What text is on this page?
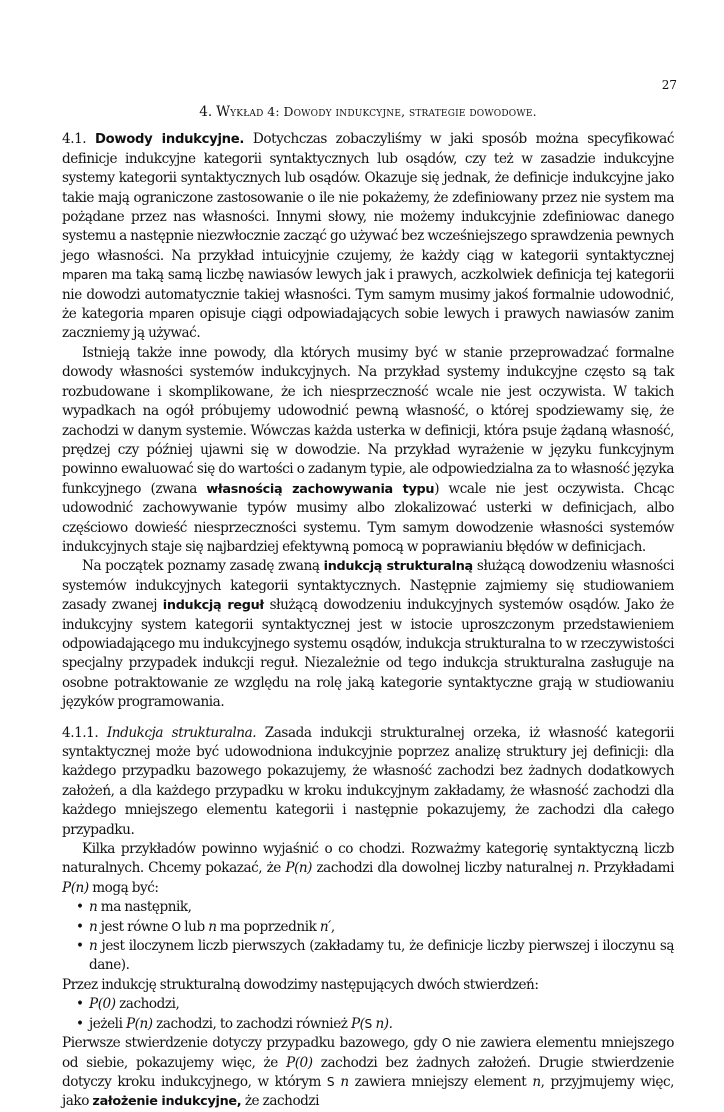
27
4. Wykład 4: Dowody indukcyjne, strategie dowodowe.

4.1. Dowody indukcyjne. Dotychczas zobaczyliśmy w jaki sposób można specyfikować definicje indukcyjne kategorii syntaktycznych lub osądów, czy też w zasadzie indukcyjne systemy kategorii syntaktycznych lub osądów. Okazuje się jednak, że definicje indukcyjne jako takie mają ograniczone zastosowanie o ile nie pokażemy, że zdefiniowany przez nie system ma pożądane przez nas własności. Innymi słowy, nie możemy indukcyjnie zdefiniowac danego systemu a następnie niezwłocznie zacząć go używać bez wcześniejszego sprawdzenia pewnych jego własności. Na przykład intuicyjnie czujemy, że każdy ciąg w kategorii syntaktycznej mparen ma taką samą liczbę nawiasów lewych jak i prawych, aczkolwiek definicja tej kategorii nie dowodzi automatycznie takiej własności. Tym samym musimy jakoś formalnie udowodnić, że kategoria mparen opisuje ciągi odpowiadających sobie lewych i prawych nawiasów zanim zaczniemy ją używać.

Istnieją także inne powody, dla których musimy być w stanie przeprowadzać formalne dowody własności systemów indukcyjnych. Na przykład systemy indukcyjne często są tak rozbudowane i skomplikowane, że ich niesprzeczność wcale nie jest oczywista. W takich wypadkach na ogół próbujemy udowodnić pewną własność, o której spodziewamy się, że zachodzi w danym systemie. Wówczas każda usterka w definicji, która psuje żądaną własność, prędzej czy później ujawni się w dowodzie. Na przykład wyrażenie w języku funkcyjnym powinno ewaluować się do wartości o zadanym typie, ale odpowiedzialna za to własność języka funkcyjnego (zwana własnością zachowywania typu) wcale nie jest oczywista. Chcąc udowodnić zachowywanie typów musimy albo zlokalizować usterki w definicjach, albo częściowo dowieść niesprzeczności systemu. Tym samym dowodzenie własności systemów indukcyjnych staje się najbardziej efektywną pomocą w poprawianiu błędów w definicjach.

Na początek poznamy zasadę zwaną indukcją strukturalną służącą dowodzeniu własności systemów indukcyjnych kategorii syntaktycznych. Następnie zajmiemy się studiowaniem zasady zwanej indukcją reguł służącą dowodzeniu indukcyjnych systemów osądów. Jako że indukcyjny system kategorii syntaktycznej jest w istocie uproszczonym przedstawieniem odpowiadającego mu indukcyjnego systemu osądów, indukcja strukturalna to w rzeczywistości specjalny przypadek indukcji reguł. Niezależnie od tego indukcja strukturalna zasługuje na osobne potraktowanie ze względu na rolę jaką kategorie syntaktyczne grają w studiowaniu języków programowania.

4.1.1. Indukcja strukturalna. Zasada indukcji strukturalnej orzeka, iż własność kategorii syntaktycznej może być udowodniona indukcyjnie poprzez analizę struktury jej definicji: dla każdego przypadku bazowego pokazujemy, że własność zachodzi bez żadnych dodatkowych założeń, a dla każdego przypadku w kroku indukcyjnym zakładamy, że własność zachodzi dla każdego mniejszego elementu kategorii i następnie pokazujemy, że zachodzi dla całego przypadku.

Kilka przykładów powinno wyjaśnić o co chodzi. Rozważmy kategorię syntaktyczną liczb naturalnych. Chcemy pokazać, że P(n) zachodzi dla dowolnej liczby naturalnej n. Przykładami P(n) mogą być:

• n ma następnik,
• n jest równe O lub n ma poprzednik n′,
• n jest iloczynem liczb pierwszych (zakładamy tu, że definicje liczby pierwszej i iloczynu są dane).

Przez indukcję strukturalną dowodzimy następujących dwóch stwierdzeń:

• P(0) zachodzi,
• jeżeli P(n) zachodzi, to zachodzi również P(S n).

Pierwsze stwierdzenie dotyczy przypadku bazowego, gdy O nie zawiera elementu mniejszego od siebie, pokazujemy więc, że P(0) zachodzi bez żadnych założeń. Drugie stwierdzenie dotyczy kroku indukcyjnego, w którym S n zawiera mniejszy element n, przyjmujemy więc, jako założenie indukcyjne, że zachodzi
